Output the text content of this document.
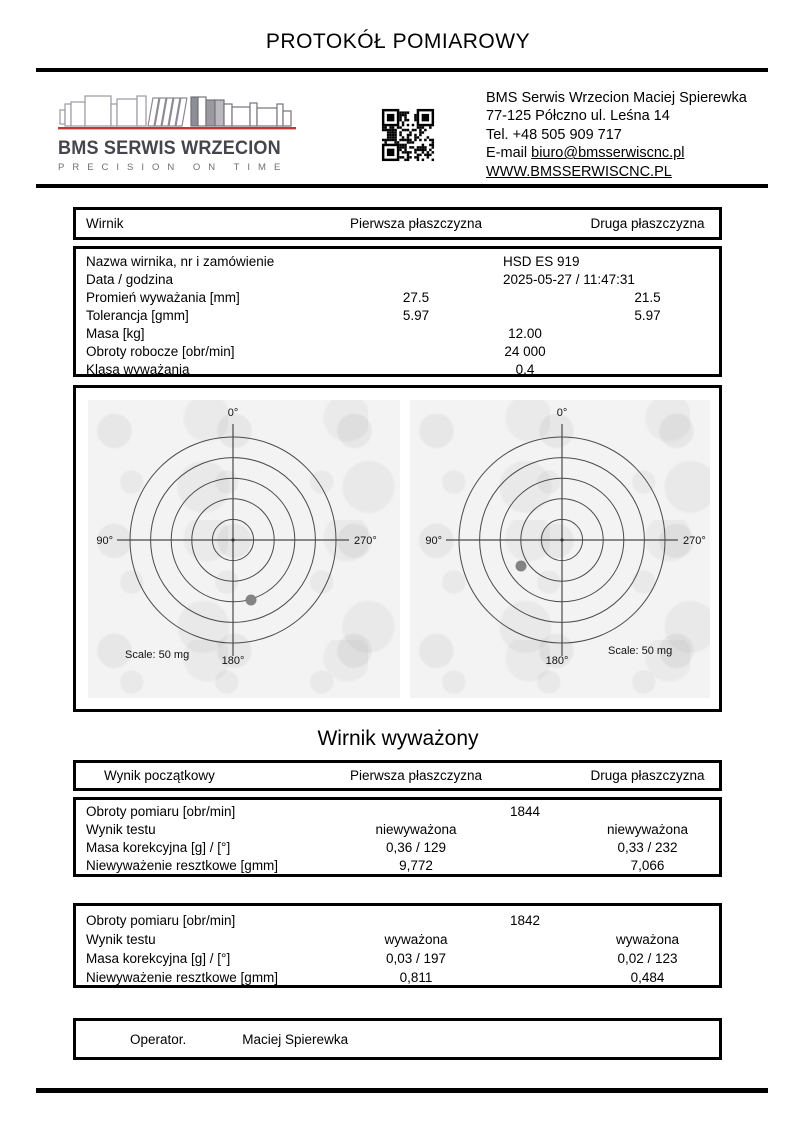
PROTOKÓŁ POMIAROWY
BMS SERWIS WRZECION
PRECISION ON TIME
BMS Serwis Wrzecion Maciej Spierewka
77-125 Półczno ul. Leśna 14
Tel. +48 505 909 717
E-mail biuro@bmsserwiscnc.pl
WWW.BMSSERWISCNC.PL
Wirnik	Pierwsza płaszczyzna	Druga płaszczyzna
Nazwa wirnika, nr i zamówienie	HSD ES 919
Data / godzina	2025-05-27 / 11:47:31
Promień wyważania [mm]	27.5	21.5
Tolerancja [gmm]	5.97	5.97
Masa [kg]	12.00
Obroty robocze [obr/min]	24 000
Klasa wyważania	0.4
0°
90°	270°
180°
Scale: 50 mg
0°
90°	270°
180°
Scale: 50 mg
Wirnik wyważony
Wynik początkowy	Pierwsza płaszczyzna	Druga płaszczyzna
Obroty pomiaru [obr/min]	1844
Wynik testu	niewyważona	niewyważona
Masa korekcyjna [g] / [°]	0,36 / 129	0,33 / 232
Niewyważenie resztkowe [gmm]	9,772	7,066
Obroty pomiaru [obr/min]	1842
Wynik testu	wyważona	wyważona
Masa korekcyjna [g] / [°]	0,03 / 197	0,02 / 123
Niewyważenie resztkowe [gmm]	0,811	0,484
Operator.	Maciej Spierewka
